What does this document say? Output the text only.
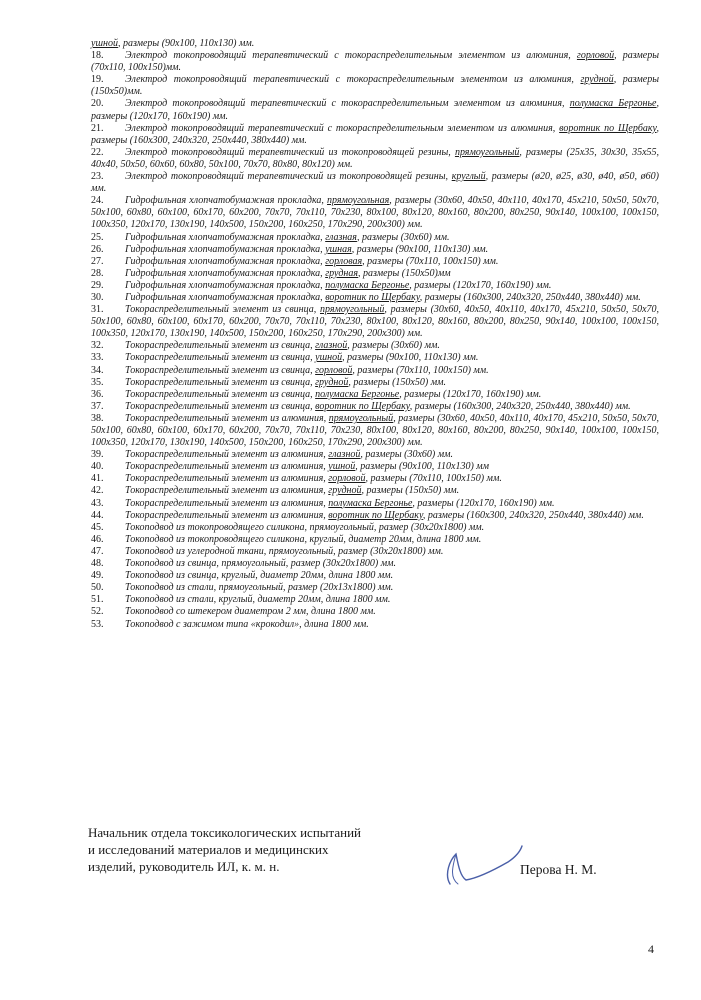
ушной, размеры (90х100, 110х130) мм.
18. Электрод токопроводящий терапевтический с токораспределительным элементом из алюминия, горловой, размеры (70х110, 100х150)мм.
19. Электрод токопроводящий терапевтический с токораспределительным элементом из алюминия, грудной, размеры (150х50)мм.
20. Электрод токопроводящий терапевтический с токораспределительным элементом из алюминия, полумаска Бергоньe, размеры (120х170, 160х190) мм.
21. Электрод токопроводящий терапевтический с токораспределительным элементом из алюминия, воротник по Щербаку, размеры (160х300, 240х320, 250х440, 380х440) мм.
22. Электрод токопроводящий терапевтический из токопроводящей резины, прямоугольный, размеры (25х35, 30х30, 35х55, 40х40, 50х50, 60х60, 60х80, 50х100, 70х70, 80х80, 80х120) мм.
23. Электрод токопроводящий терапевтический из токопроводящей резины, круглый, размеры (ø20, ø25, ø30, ø40, ø50, ø60) мм.
24. Гидрофильная хлопчатобумажная прокладка, прямоугольная, размеры (30х60, 40х50, 40х110, 40х170, 45х210, 50х50, 50х70, 50х100, 60х80, 60х100, 60х170, 60х200, 70х70, 70х110, 70х230, 80х100, 80х120, 80х160, 80х200, 80х250, 90х140, 100х100, 100х150, 100х350, 120х170, 130х190, 140х500, 150х200, 160х250, 170х290, 200х300) мм.
25. Гидрофильная хлопчатобумажная прокладка, глазная, размеры (30х60) мм.
26. Гидрофильная хлопчатобумажная прокладка, ушная, размеры (90х100, 110х130) мм.
27. Гидрофильная хлопчатобумажная прокладка, горловая, размеры (70х110, 100х150) мм.
28. Гидрофильная хлопчатобумажная прокладка, грудная, размеры (150х50)мм
29. Гидрофильная хлопчатобумажная прокладка, полумаска Бергонье, размеры (120х170, 160х190) мм.
30. Гидрофильная хлопчатобумажная прокладка, воротник по Щербаку, размеры (160х300, 240х320, 250х440, 380х440) мм.
31. Токораспределительный элемент из свинца, прямоугольный, размеры (30х60, 40х50, 40х110, 40х170, 45х210, 50х50, 50х70, 50х100, 60х80, 60х100, 60х170, 60х200, 70х70, 70х110, 70х230, 80х100, 80х120, 80х160, 80х200, 80х250, 90х140, 100х100, 100х150, 100х350, 120х170, 130х190, 140х500, 150х200, 160х250, 170х290, 200х300) мм.
32. Токораспределительный элемент из свинца, глазной, размеры (30х60) мм.
33. Токораспределительный элемент из свинца, ушной, размеры (90х100, 110х130) мм.
34. Токораспределительный элемент из свинца, горловой, размеры (70х110, 100х150) мм.
35. Токораспределительный элемент из свинца, грудной, размеры (150х50) мм.
36. Токораспределительный элемент из свинца, полумаска Бергонье, размеры (120х170, 160х190) мм.
37. Токораспределительный элемент из свинца, воротник по Щербаку, размеры (160х300, 240х320, 250х440, 380х440) мм.
38. Токораспределительный элемент из алюминия, прямоугольный, размеры (30х60, 40х50, 40х110, 40х170, 45х210, 50х50, 50х70, 50х100, 60х80, 60х100, 60х170, 60х200, 70х70, 70х110, 70х230, 80х100, 80х120, 80х160, 80х200, 80х250, 90х140, 100х100, 100х150, 100х350, 120х170, 130х190, 140х500, 150х200, 160х250, 170х290, 200х300) мм.
39. Токораспределительный элемент из алюминия, глазной, размеры (30х60) мм.
40. Токораспределительный элемент из алюминия, ушной, размеры (90х100, 110х130) мм
41. Токораспределительный элемент из алюминия, горловой, размеры (70х110, 100х150) мм.
42. Токораспределительный элемент из алюминия, грудной, размеры (150х50) мм.
43. Токораспределительный элемент из алюминия, полумаска Бергонье, размеры (120х170, 160х190) мм.
44. Токораспределительный элемент из алюминия, воротник по Щербаку, размеры (160х300, 240х320, 250х440, 380х440) мм.
45. Токоподвод из токопроводящего силикона, прямоугольный, размер (30х20х1800) мм.
46. Токоподвод из токопроводящего силикона, круглый, диаметр 20мм, длина 1800 мм.
47. Токоподвод из углеродной ткани, прямоугольный, размер (30х20х1800) мм.
48. Токоподвод из свинца, прямоугольный, размер (30х20х1800) мм.
49. Токоподвод из свинца, круглый, диаметр 20мм, длина 1800 мм.
50. Токоподвод из стали, прямоугольный, размер (20х13х1800) мм.
51. Токоподвод из стали, круглый, диаметр 20мм, длина 1800 мм.
52. Токоподвод со штекером диаметром 2 мм, длина 1800 мм.
53. Токоподвод с зажимом типа «крокодил», длина 1800 мм.
Начальник отдела токсикологических испытаний
и исследований материалов и медицинских
изделий, руководитель ИЛ, к. м. н.	Перова Н. М.
4
